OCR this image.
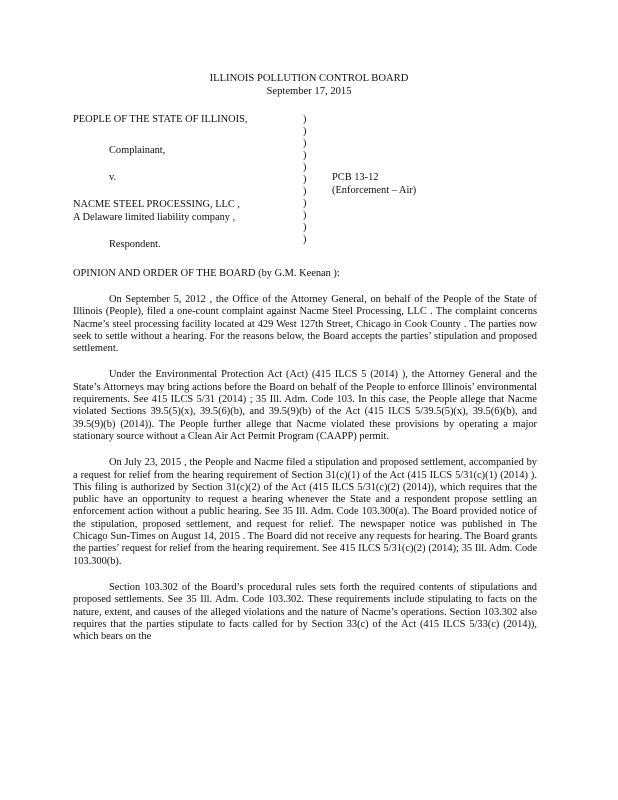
ILLINOIS POLLUTION CONTROL BOARD
September 17, 2015
PEOPLE OF THE STATE OF ILLINOIS,
Complainant,
v.
NACME STEEL PROCESSING, LLC ,
A Delaware limited liability company ,
Respondent.
)
)
)
)
)
)
)
)
)
)
)
PCB 13-12
(Enforcement – Air)
OPINION AND ORDER OF THE BOARD (by G.M. Keenan ):

On September 5, 2012 , the Office of the Attorney General, on behalf of the People of the State of Illinois (People), filed a one-count complaint against Nacme Steel Processing, LLC . The complaint concerns Nacme’s steel processing facility located at 429 West 127th Street, Chicago in Cook County . The parties now seek to settle without a hearing. For the reasons below, the Board accepts the parties’ stipulation and proposed settlement.

Under the Environmental Protection Act (Act) (415 ILCS 5 (2014) ), the Attorney General and the State’s Attorneys may bring actions before the Board on behalf of the People to enforce Illinois’ environmental requirements. See 415 ILCS 5/31 (2014) ; 35 Ill. Adm. Code 103. In this case, the People allege that Nacme violated Sections 39.5(5)(x), 39.5(6)(b), and 39.5(9)(b) of the Act (415 ILCS 5/39.5(5)(x), 39.5(6)(b), and 39.5(9)(b) (2014)). The People further allege that Nacme violated these provisions by operating a major stationary source without a Clean Air Act Permit Program (CAAPP) permit.

On July 23, 2015 , the People and Nacme filed a stipulation and proposed settlement, accompanied by a request for relief from the hearing requirement of Section 31(c)(1) of the Act (415 ILCS 5/31(c)(1) (2014) ). This filing is authorized by Section 31(c)(2) of the Act (415 ILCS 5/31(c)(2) (2014)), which requires that the public have an opportunity to request a hearing whenever the State and a respondent propose settling an enforcement action without a public hearing. See 35 Ill. Adm. Code 103.300(a). The Board provided notice of the stipulation, proposed settlement, and request for relief. The newspaper notice was published in The Chicago Sun-Times on August 14, 2015 . The Board did not receive any requests for hearing. The Board grants the parties’ request for relief from the hearing requirement. See 415 ILCS 5/31(c)(2) (2014); 35 Ill. Adm. Code 103.300(b).

Section 103.302 of the Board’s procedural rules sets forth the required contents of stipulations and proposed settlements. See 35 Ill. Adm. Code 103.302. These requirements include stipulating to facts on the nature, extent, and causes of the alleged violations and the nature of Nacme’s operations. Section 103.302 also requires that the parties stipulate to facts called for by Section 33(c) of the Act (415 ILCS 5/33(c) (2014)), which bears on the
